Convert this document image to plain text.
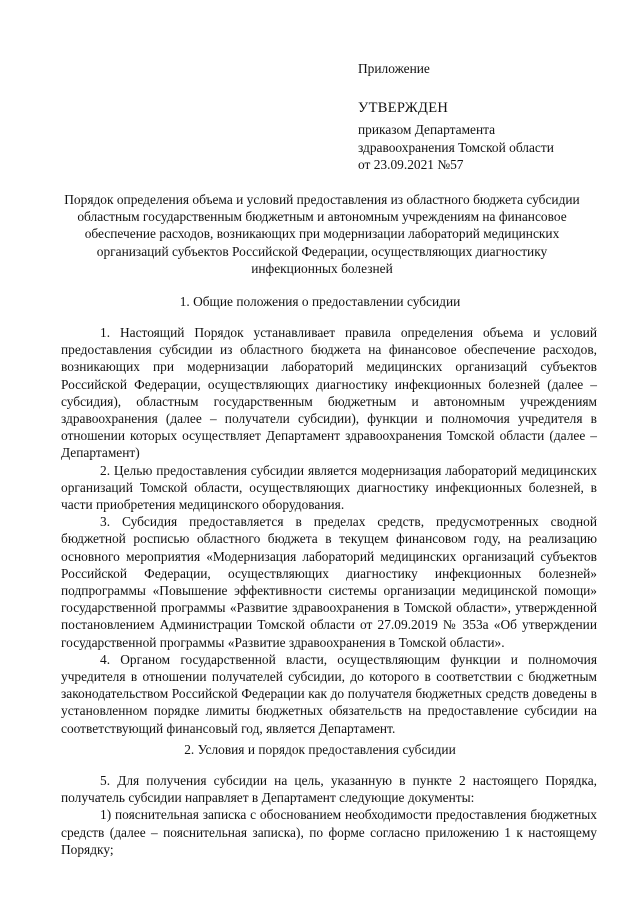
Приложение

УТВЕРЖДЕН

приказом Департамента

здравоохранения Томской области

от 23.09.2021 №57

Порядок определения объема и условий предоставления из областного бюджета субсидии областным государственным бюджетным и автономным учреждениям на финансовое обеспечение расходов, возникающих при модернизации лабораторий медицинских организаций субъектов Российской Федерации, осуществляющих диагностику инфекционных болезней

1. Общие положения о предоставлении субсидии

1. Настоящий Порядок устанавливает правила определения объема и условий предоставления субсидии из областного бюджета на финансовое обеспечение расходов, возникающих при модернизации лабораторий медицинских организаций субъектов Российской Федерации, осуществляющих диагностику инфекционных болезней (далее – субсидия), областным государственным бюджетным и автономным учреждениям здравоохранения (далее – получатели субсидии), функции и полномочия учредителя в отношении которых осуществляет Департамент здравоохранения Томской области (далее – Департамент)

2. Целью предоставления субсидии является модернизация лабораторий медицинских организаций Томской области, осуществляющих диагностику инфекционных болезней, в части приобретения медицинского оборудования.

3. Субсидия предоставляется в пределах средств, предусмотренных сводной бюджетной росписью областного бюджета в текущем финансовом году, на реализацию основного мероприятия «Модернизация лабораторий медицинских организаций субъектов Российской Федерации, осуществляющих диагностику инфекционных болезней» подпрограммы «Повышение эффективности системы организации медицинской помощи» государственной программы «Развитие здравоохранения в Томской области», утвержденной постановлением Администрации Томской области от 27.09.2019 № 353а «Об утверждении государственной программы «Развитие здравоохранения в Томской области».

4. Органом государственной власти, осуществляющим функции и полномочия учредителя в отношении получателей субсидии, до которого в соответствии с бюджетным законодательством Российской Федерации как до получателя бюджетных средств доведены в установленном порядке лимиты бюджетных обязательств на предоставление субсидии на соответствующий финансовый год, является Департамент.

2. Условия и порядок предоставления субсидии

5. Для получения субсидии на цель, указанную в пункте 2 настоящего Порядка, получатель субсидии направляет в Департамент следующие документы:

1) пояснительная записка с обоснованием необходимости предоставления бюджетных средств (далее – пояснительная записка), по форме согласно приложению 1 к настоящему Порядку;
